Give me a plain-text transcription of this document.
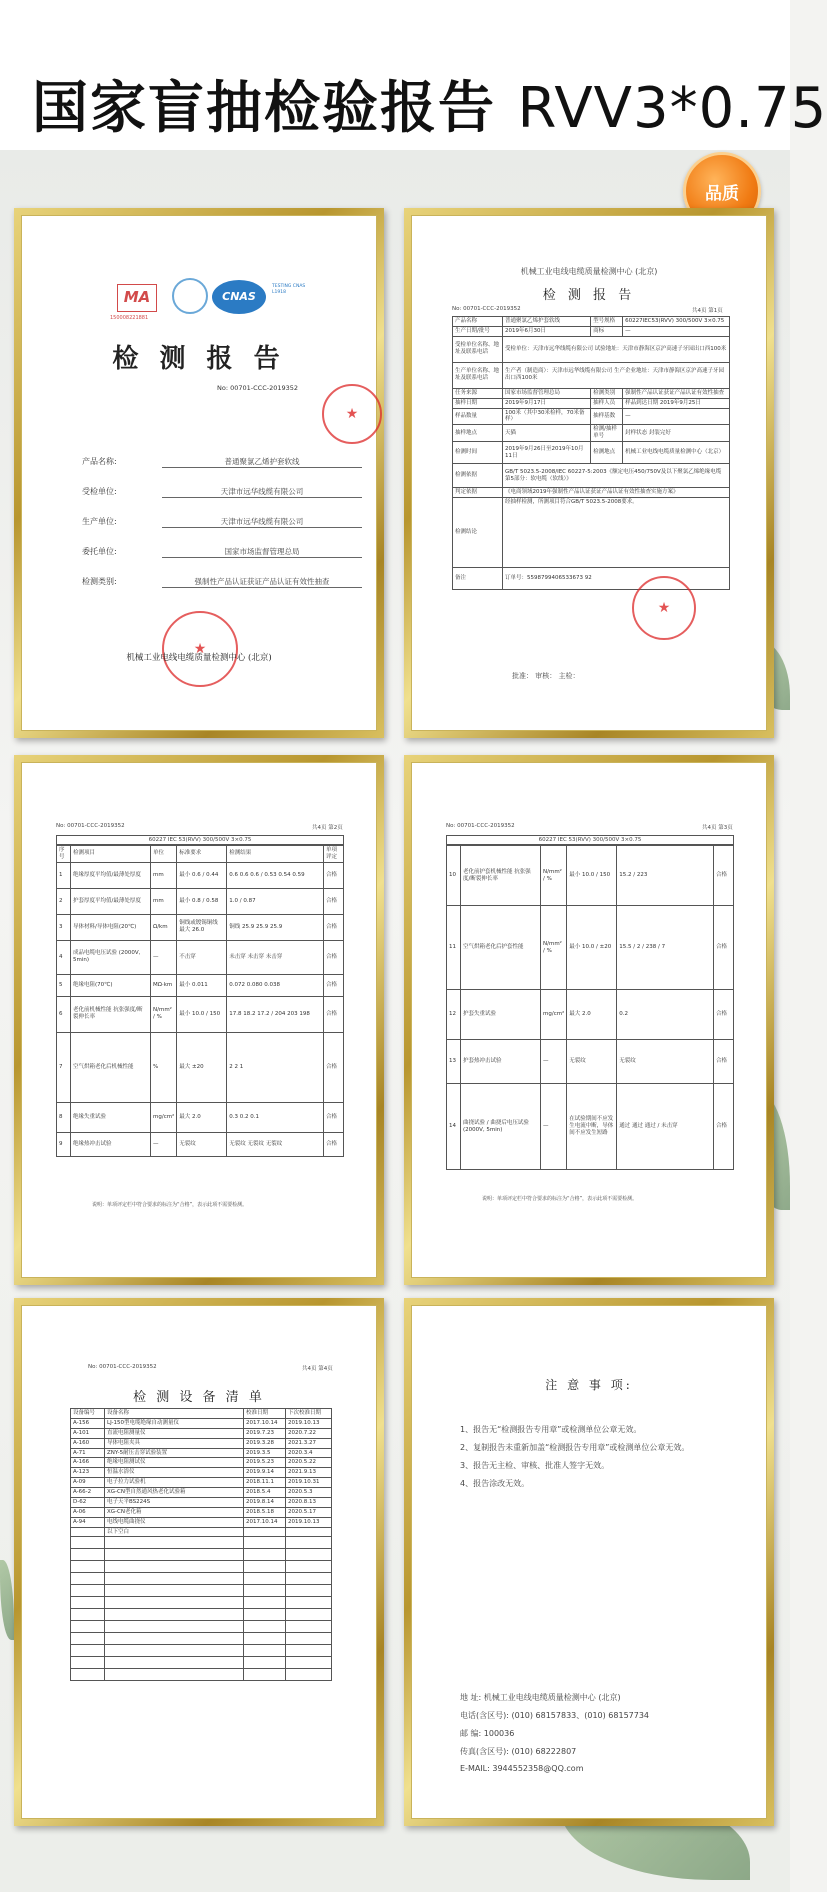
国家盲抽检验报告 RVV3*0.75
品质
MA
150008221881
CNAS
TESTING CNAS L1918
检 测 报 告
No: 00701-CCC-2019352
★
产品名称:	普通聚氯乙烯护套软线
受检单位:	天津市远华线缆有限公司
生产单位:	天津市远华线缆有限公司
委托单位:	国家市场监督管理总局
检测类别:	强制性产品认证获证产品认证有效性抽查
★
机械工业电线电缆质量检测中心 (北京)
机械工业电线电缆质量检测中心 (北京)
检 测 报 告
No: 00701-CCC-2019352	共4页 第1页
产品名称	普通聚氯乙烯护套软线	型号规格	60227IEC53(RVV) 300/500V 3×0.75
生产日期/批号	2019年6月30日	商标	—
受检单位名称、地址及联系电话	受检单位：天津市远华线缆有限公司 试验地址：天津市静海区京沪高速子牙园出口西100米		
生产单位名称、地址及联系电话	生产者（制造商）：天津市远华线缆有限公司 生产企业地址：天津市静海区京沪高速子牙园出口西100米		
任务来源	国家市场监督管理总局	检测类别	强制性产品认证获证产品认证有效性抽查
抽样日期	2019年9月17日	抽样人员	样品到达日期 2019年9月25日
样品数量	100米（其中30米检样，70米备样）	抽样基数	—
抽样地点	天猫	检测/抽样单号	封样状态 封装完好
检测时间	2019年9月26日至2019年10月11日	检测地点	机械工业电线电缆质量检测中心（北京）
检测依据	GB/T 5023.5-2008/IEC 60227-5:2003《额定电压450/750V及以下聚氯乙烯绝缘电缆 第5部分：软电缆（软线）》		
判定依据	《电商领域2019年强制性产品认证获证产品认证有效性抽查实施方案》		
检测结论	经抽样检测，所测项目符合GB/T 5023.5-2008要求。		
备注	订单号：5598799406533673 92		
★
批准： 审核： 主检：
No: 00701-CCC-2019352	共4页 第2页
60227 IEC 53(RVV) 300/500V 3×0.75
序号	检测项目	单位	标准要求	检测结果	单项评定
1	绝缘厚度平均值/最薄处厚度	mm	最小 0.6 / 0.44	0.6 0.6 0.6 / 0.53 0.54 0.59	合格
2	护套厚度平均值/最薄处厚度	mm	最小 0.8 / 0.58	1.0 / 0.87	合格
3	导体材料/导体电阻(20℃)	Ω/km	铜线或镀锡铜线 最大 26.0	铜线 25.9 25.9 25.9	合格
4	成品电缆电压试验 (2000V, 5min)	—	不击穿	未击穿 未击穿 未击穿	合格
5	绝缘电阻(70℃)	MΩ·km	最小 0.011	0.072 0.080 0.038	合格
6	老化前机械性能 抗张强度/断裂伸长率	N/mm² / %	最小 10.0 / 150	17.8 18.2 17.2 / 204 203 198	合格
7	空气烘箱老化后机械性能	%	最大 ±20	2 2 1	合格
8	绝缘失重试验	mg/cm²	最大 2.0	0.3 0.2 0.1	合格
9	绝缘热冲击试验	—	无裂纹	无裂纹 无裂纹 无裂纹	合格
说明：单项评定栏中符合要求的标注为“合格”，表示此项不需要检测。
No: 00701-CCC-2019352	共4页 第3页
60227 IEC 53(RVV) 300/500V 3×0.75
10	老化前护套机械性能 抗张强度/断裂伸长率	N/mm² / %	最小 10.0 / 150	15.2 / 223	合格
11	空气烘箱老化后护套性能	N/mm² / %	最小 10.0 / ±20	15.5 / 2 / 238 / 7	合格
12	护套失重试验	mg/cm²	最大 2.0	0.2	合格
13	护套热冲击试验	—	无裂纹	无裂纹	合格
14	曲挠试验 / 曲挠后电压试验 (2000V, 5min)	—	在试验期间不应发生电流中断，导体间不应发生短路	通过 通过 通过 / 未击穿	合格
说明：单项评定栏中符合要求的标注为“合格”，表示此项不需要检测。
No: 00701-CCC-2019352	共4页 第4页
检 测 设 备 清 单
设备编号	设备名称	校准日期	下次校准日期
A-156	LJ-150型电缆绝缘自动测量仪	2017.10.14	2019.10.13
A-101	直流电阻测量仪	2019.7.23	2020.7.22
A-160	导体电阻夹具	2019.3.28	2021.3.27
A-71	ZNY-5耐压击穿试验装置	2019.3.5	2020.3.4
A-166	绝缘电阻测试仪	2019.5.23	2020.5.22
A-123	恒温水浴仪	2019.9.14	2021.9.13
A-09	电子拉力试验机	2018.11.1	2019.10.31
A-66-2	XG-CN型自然通风热老化试验箱	2018.5.4	2020.5.3
D-62	电子天平BS224S	2019.8.14	2020.8.13
A-06	XG-CN老化箱	2018.5.18	2020.5.17
A-94	电线电缆曲挠仪	2017.10.14	2019.10.13
	以下空白		

注 意 事 项:
1、报告无“检测报告专用章”或检测单位公章无效。
2、复制报告未重新加盖“检测报告专用章”或检测单位公章无效。
3、报告无主检、审核、批准人签字无效。
4、报告涂改无效。
地 址: 机械工业电线电缆质量检测中心 (北京)
电话(含区号): (010) 68157833、(010) 68157734
邮 编: 100036
传真(含区号): (010) 68222807
E-MAIL: 3944552358@QQ.com
